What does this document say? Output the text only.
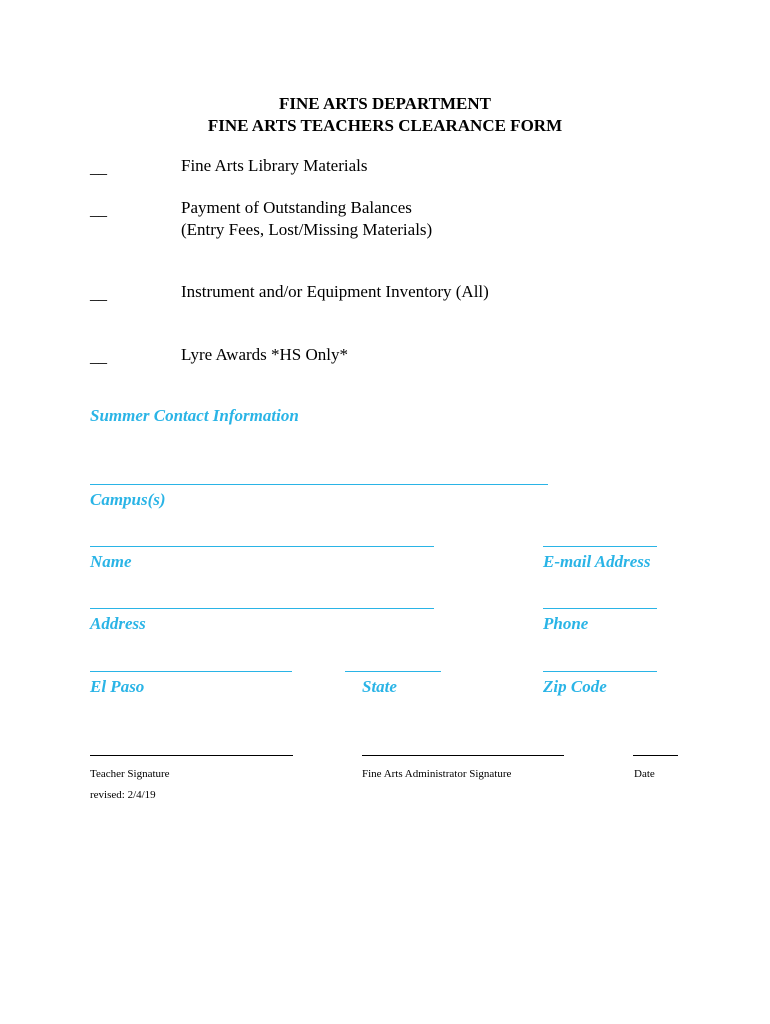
FINE ARTS DEPARTMENT
FINE ARTS TEACHERS CLEARANCE FORM
__	Fine Arts Library Materials
__	Payment of Outstanding Balances
(Entry Fees, Lost/Missing Materials)
__	Instrument and/or Equipment Inventory (All)
__	Lyre Awards *HS Only*
Summer Contact Information
Campus(s)
Name	E-mail Address
Address	Phone
El Paso	State	Zip Code
Teacher Signature	Fine Arts Administrator Signature	Date
revised: 2/4/19
